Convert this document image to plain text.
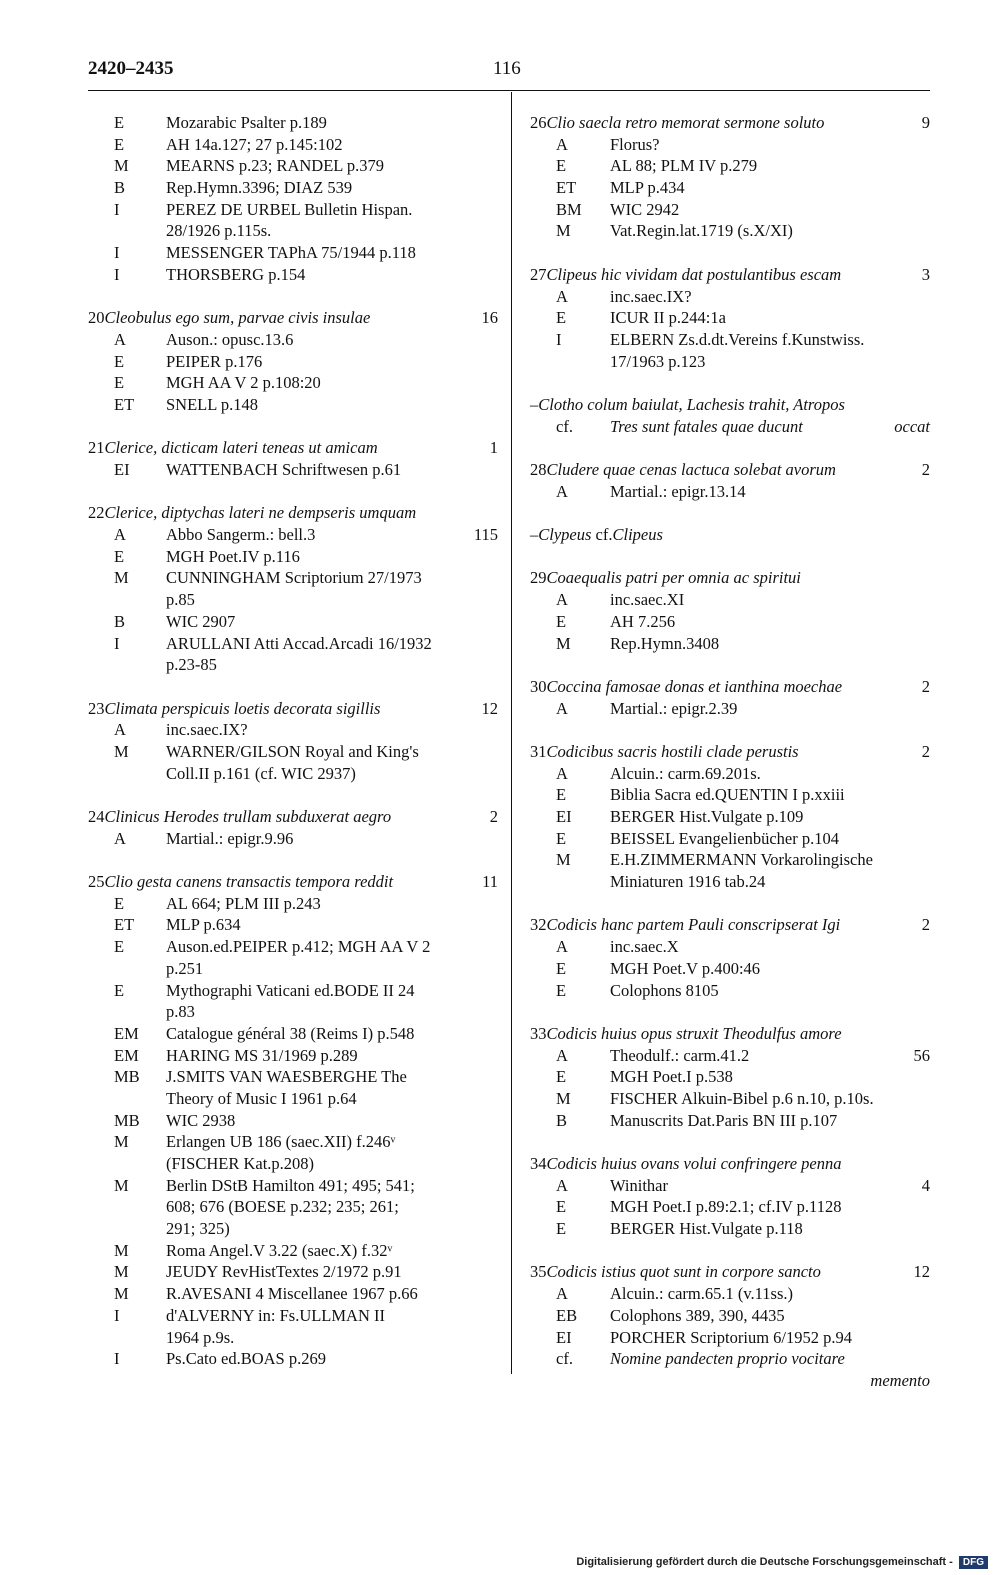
2420–2435	116
E	Mozarabic Psalter p.189
E	AH 14a.127; 27 p.145:102
M MEARNS p.23; RANDEL p.379
B Rep.Hymn.3396; DIAZ 539
I	PEREZ DE URBEL Bulletin Hispan.
28/1926 p.115s.
I	MESSENGER TAPhA 75/1944 p.118
I	THORSBERG p.154
20Cleobulus ego sum, parvae civis insulae	16
A Auson.: opusc.13.6
E	PEIPER p.176
E	MGH AA V 2 p.108:20
ET SNELL p.148
21Clerice, dicticam lateri teneas ut amicam	1
EI WATTENBACH Schriftwesen p.61
22Clerice, diptychas lateri ne dempseris umquam
A Abbo Sangerm.: bell.3	115
E	MGH Poet.IV p.116
M CUNNINGHAM Scriptorium 27/1973
p.85
B WIC 2907
I	ARULLANI Atti Accad.Arcadi 16/1932
p.23-85
23Climata perspicuis loetis decorata sigillis	12
A inc.saec.IX?
M WARNER/GILSON Royal and King's
Coll.II p.161 (cf. WIC 2937)
24Clinicus Herodes trullam subduxerat aegro	2
A Martial.: epigr.9.96
25Clio gesta canens transactis tempora reddit	11
E	AL 664; PLM III p.243
ET MLP p.634
E	Auson.ed.PEIPER p.412; MGH AA V 2
p.251
E	Mythographi Vaticani ed.BODE II 24
p.83
EM Catalogue général 38 (Reims I) p.548
EM HARING MS 31/1969 p.289
MB J.SMITS VAN WAESBERGHE The
Theory of Music I 1961 p.64
MB WIC 2938
M Erlangen UB 186 (saec.XII) f.246ᵛ
(FISCHER Kat.p.208)
M Berlin DStB Hamilton 491; 495; 541;
608; 676 (BOESE p.232; 235; 261;
291; 325)
M Roma Angel.V 3.22 (saec.X) f.32ᵛ
M JEUDY RevHistTextes 2/1972 p.91
M R.AVESANI 4 Miscellanee 1967 p.66
I	d'ALVERNY in: Fs.ULLMAN II
1964 p.9s.
I	Ps.Cato ed.BOAS p.269
26Clio saecla retro memorat sermone soluto	9
A	Florus?
E	AL 88; PLM IV p.279
ET MLP p.434
BM WIC 2942
M Vat.Regin.lat.1719 (s.X/XI)
27Clipeus hic vividam dat postulantibus escam	3
A	inc.saec.IX?
E	ICUR II p.244:1a
I	ELBERN Zs.d.dt.Vereins f.Kunstwiss.
17/1963 p.123
–Clotho colum baiulat, Lachesis trahit, Atropos
cf. Tres sunt fatales quae ducunt	occat
28Cludere quae cenas lactuca solebat avorum	2
A	Martial.: epigr.13.14
–Clypeus cf.Clipeus
29Coaequalis patri per omnia ac spiritui
A	inc.saec.XI
E	AH 7.256
M Rep.Hymn.3408
30Coccina famosae donas et ianthina moechae	2
A	Martial.: epigr.2.39
31Codicibus sacris hostili clade perustis	2
A	Alcuin.: carm.69.201s.
E	Biblia Sacra ed.QUENTIN I p.xxiii
EI BERGER Hist.Vulgate p.109
E	BEISSEL Evangelienbücher p.104
M E.H.ZIMMERMANN Vorkarolingische
Miniaturen 1916 tab.24
32Codicis hanc partem Pauli conscripserat Igi	2
A	inc.saec.X
E	MGH Poet.V p.400:46
E	Colophons 8105
33Codicis huius opus struxit Theodulfus amore
A	Theodulf.: carm.41.2	56
E	MGH Poet.I p.538
M FISCHER Alkuin-Bibel p.6 n.10, p.10s.
B	Manuscrits Dat.Paris BN III p.107
34Codicis huius ovans volui confringere penna
A	Winithar	4
E	MGH Poet.I p.89:2.1; cf.IV p.1128
E	BERGER Hist.Vulgate p.118
35Codicis istius quot sunt in corpore sancto	12
A	Alcuin.: carm.65.1 (v.11ss.)
EB Colophons 389, 390, 4435
EI PORCHER Scriptorium 6/1952 p.94
cf. Nomine pandecten proprio vocitare
memento
Digitalisierung gefördert durch die Deutsche Forschungsgemeinschaft - DFG
